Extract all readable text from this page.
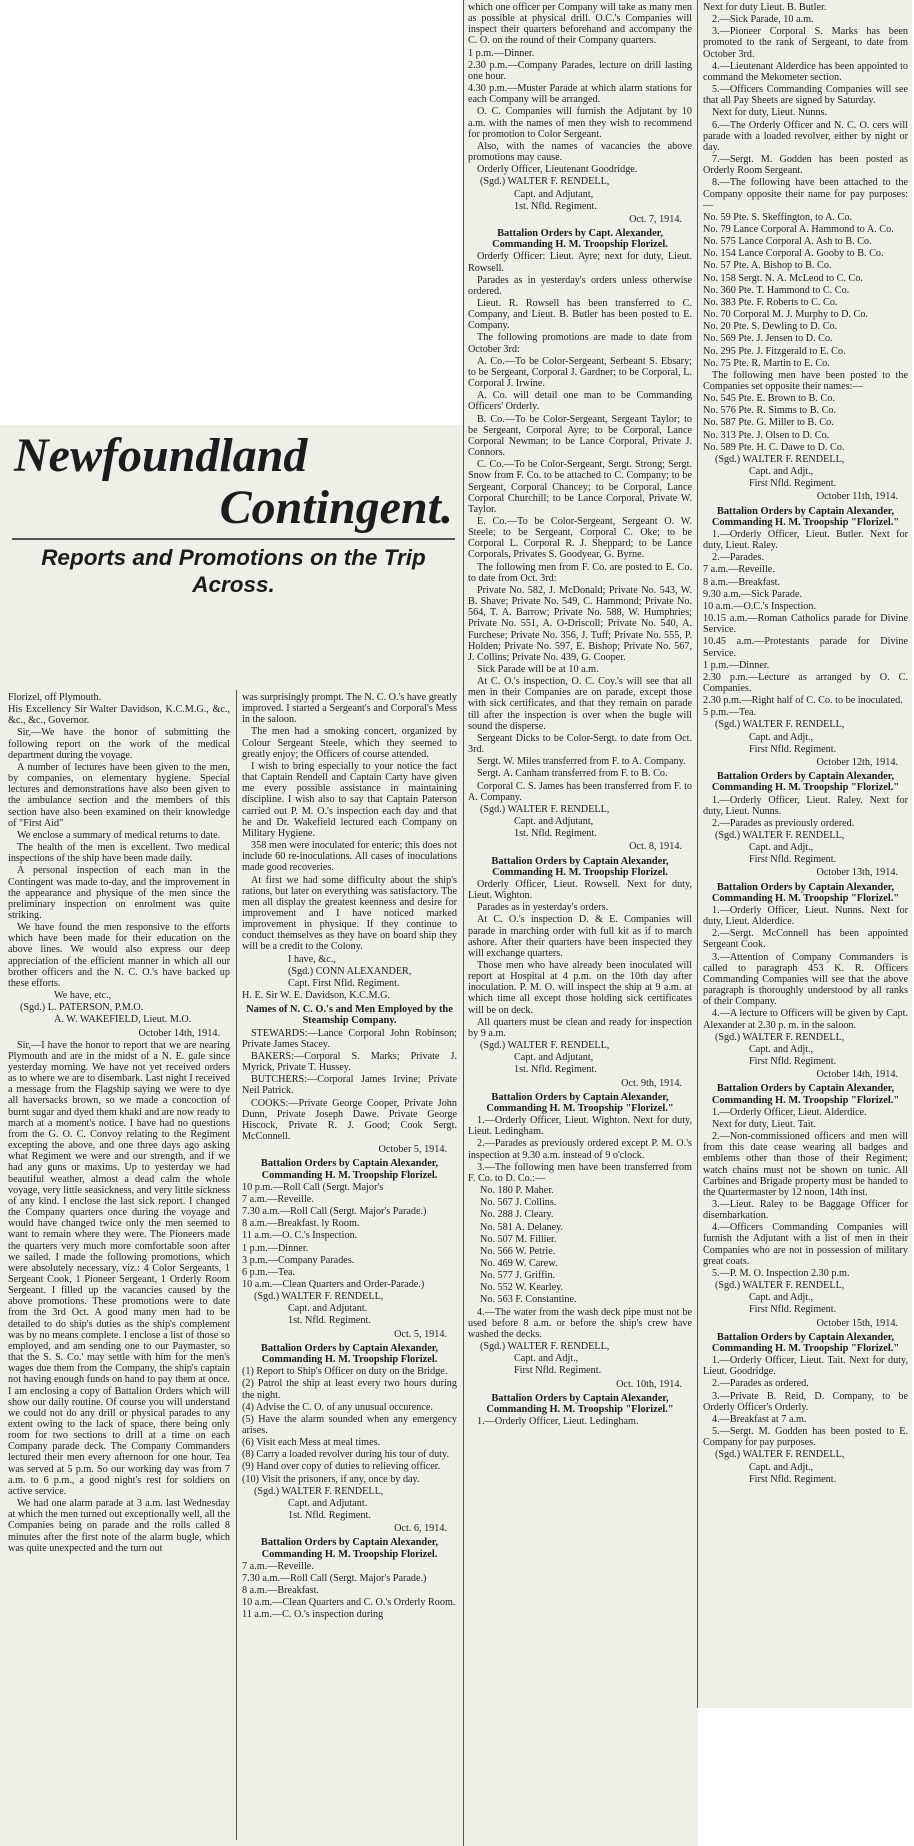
Newfoundland
Contingent.
Reports and Promotions on the Trip Across.

Florizel, off Plymouth.

His Excellency Sir Walter Davidson, K.C.M.G., &c., &c., &c., Governor.

Sir,—We have the honor of submitting the following report on the work of the medical department during the voyage.

A number of lectures have been given to the men, by companies, on elementary hygiene. Special lectures and demonstrations have also been given to the ambulance section and the members of this section have also been examined on their knowledge of "First Aid"

We enclose a summary of medical returns to date.

The health of the men is excellent. Two medical inspections of the ship have been made daily.

A personal inspection of each man in the Contingent was made to-day, and the improvement in the appearance and physique of the men since the preliminary inspection on enrolment was quite striking.

We have found the men responsive to the efforts which have been made for their education on the above lines. We would also express our deep appreciation of the efficient manner in which all our brother officers and the N. C. O.'s have backed up these efforts.

We have, etc.,

(Sgd.) L. PATERSON, P.M.O.

A. W. WAKEFIELD, Lieut. M.O.

October 14th, 1914.

Sir,—I have the honor to report that we are nearing Plymouth and are in the midst of a N. E. gale since yesterday morning. We have not yet received orders as to where we are to disembark. Last night I received a message from the Flagship saying we were to dye all haversacks brown, so we made a concoction of burnt sugar and dyed them khaki and are now ready to march at a moment's notice. I have had no questions from the G. O. C. Convoy relating to the Regiment excepting the above, and one three days ago asking what Regiment we were and our strength, and if we had any guns or maxims. Up to yesterday we had beautiful weather, almost a dead calm the whole voyage, very little seasickness, and very little sickness of any kind. I enclose the last sick report. I changed the Company quarters once during the voyage and would have changed twice only the men seemed to want to remain where they were. The Pioneers made the quarters very much more comfortable soon after we sailed. I made the following promotions, which were absolutely necessary, viz.: 4 Color Sergeants, 1 Sergeant Cook, 1 Pioneer Sergeant, 1 Orderly Room Sergeant. I filled up the vacancies caused by the above promotions. These promotions were to date from the 3rd Oct. A good many men had to be detailed to do ship's duties as the ship's complement was by no means complete. I enclose a list of those so employed, and am sending one to our Paymaster, so that the S. S. Co.' may settle with him for the men's wages due them from the Company, the ship's captain not having enough funds on hand to pay them at once. I am enclosing a copy of Battalion Orders which will show our daily routine. Of course you will understand we could not do any drill or physical parades to any extent owing to the lack of space, there being only room for two sections to drill at a time on each Company parade deck. The Company Commanders lectured their men every afternoon for one hour. Tea was served at 5 p.m. So our working day was from 7 a.m. to 6 p.m., a good night's rest for soldiers on active service.

We had one alarm parade at 3 a.m. last Wednesday at which the men turned out exceptionally well, all the Companies being on parade and the rolls called 8 minutes after the first note of the alarm bugle, which was quite unexpected and the turn out

was surprisingly prompt. The N. C. O.'s have greatly improved. I started a Sergeant's and Corporal's Mess in the saloon.

The men had a smoking concert, organized by Colour Sergeant Steele, which they seemed to greatly enjoy; the Officers of course attended.

I wish to bring especially to your notice the fact that Captain Rendell and Captain Carty have given me every possible assistance in maintaining discipline. I wish also to say that Captain Paterson carried out P. M. O.'s inspection each day and that he and Dr. Wakefield lectured each Company on Military Hygiene.

358 men were inoculated for enteric; this does not include 60 re-inoculations. All cases of inoculations made good recoveries.

At first we had some difficulty about the ship's rations, but later on everything was satisfactory. The men all display the greatest keenness and desire for improvement and I have noticed marked improvement in physique. If they continue to conduct themselves as they have on board ship they will be a credit to the Colony.

I have, &c.,

(Sgd.) CONN ALEXANDER,

Capt. First Nfld. Regiment.

H. E. Sir W. E. Davidson, K.C.M.G.

Names of N. C. O.'s and Men Employed by the Steamship Company.

STEWARDS:—Lance Corporal John Robinson; Private James Stacey.

BAKERS:—Corporal S. Marks; Private J. Myrick, Private T. Hussey.

BUTCHERS:—Corporal James Irvine; Private Neil Patrick.

COOKS:—Private George Cooper, Private John Dunn, Private Joseph Dawe. Private George Hiscock, Private R. J. Good; Cook Sergt. McConnell.

October 5, 1914.

Battalion Orders by Captain Alexander, Commanding H. M. Troopship Florizel.

10 p.m.—Roll Call (Sergt. Major's

7 a.m.—Reveille.

7.30 a.m.—Roll Call (Sergt. Major's Parade.)

8 a.m.—Breakfast. ly Room.

11 a.m.—O. C.'s Inspection.

1 p.m.—Dinner.

3 p.m.—Company Parades.

6 p.m.—Tea.

10 a.m.—Clean Quarters and Order-Parade.)

(Sgd.) WALTER F. RENDELL,

Capt. and Adjutant.

1st. Nfld. Regiment.

Oct. 5, 1914.

Battalion Orders by Captain Alexander, Commanding H. M. Troopship Florizel.

(1) Report to Ship's Officer on duty on the Bridge.

(2) Patrol the ship at least every two hours during the night.

(4) Advise the C. O. of any unusual occurence.

(5) Have the alarm sounded when any emergency arises.

(6) Visit each Mess at meal times.

(8) Carry a loaded revolver during his tour of duty.

(9) Hand over copy of duties to relieving officer.

(10) Visit the prisoners, if any, once by day.

(Sgd.) WALTER F. RENDELL,

Capt. and Adjutant.

1st. Nfld. Regiment.

Oct. 6, 1914.

Battalion Orders by Captain Alexander, Commanding H. M. Troopship Florizel.

7 a.m.—Reveille.

7.30 a.m.—Roll Call (Sergt. Major's Parade.)

8 a.m.—Breakfast.

10 a.m.—Clean Quarters and C. O.'s Orderly Room.

11 a.m.—C. O.'s inspection during

which one officer per Company will take as many men as possible at physical drill. O.C.'s Companies will inspect their quarters beforehand and accompany the C. O. on the round of their Company quarters.

1 p.m.—Dinner.

2.30 p.m.—Company Parades, lecture on drill lasting one hour.

4.30 p.m.—Muster Parade at which alarm stations for each Company will be arranged.

O. C. Companies will furnish the Adjutant by 10 a.m. with the names of men they wish to recommend for promotion to Color Sergeant.

Also, with the names of vacancies the above promotions may cause.

Orderly Officer, Lieutenant Goodridge.

(Sgd.) WALTER F. RENDELL,

Capt. and Adjutant,

1st. Nfld. Regiment.

Oct. 7, 1914.

Battalion Orders by Capt. Alexander, Commanding H. M. Troopship Florizel.

Orderly Officer: Lieut. Ayre; next for duty, Lieut. Rowsell.

Parades as in yesterday's orders unless otherwise ordered.

Lieut. R. Rowsell has been transferred to C. Company, and Lieut. B. Butler has been posted to E. Company.

The following promotions are made to date from October 3rd:

A. Co.—To be Color-Sergeant, Serbeant S. Ebsary; to be Sergeant, Corporal J. Gardner; to be Corporal, L. Corporal J. Irwine.

A. Co. will detail one man to be Commanding Officers' Orderly.

B. Co.—To be Color-Sergeant, Sergeant Taylor; to be Sergeant, Corporal Ayre; to be Corporal, Lance Corporal Newman; to be Lance Corporal, Private J. Connors.

C. Co.—To be Color-Sergeant, Sergt. Strong; Sergt. Snow from F. Co. to be attached to C. Company; to be Sergeant, Corporal Chancey; to be Corporal, Lance Corporal Churchill; to be Lance Corporal, Private W. Taylor.

E. Co.—To be Color-Sergeant, Sergeant O. W. Steele; to be Sergeant, Corporal C. Oke; to be Corporal L. Corporal R. J. Sheppard; to be Lance Corporals, Privates S. Goodyear, G. Byrne.

The following men from F. Co. are posted to E. Co. to date from Oct. 3rd:

Private No. 582, J. McDonald; Private No. 543, W. B. Shave; Private No. 549, C. Hammond; Private No. 564, T. A. Barrow; Private No. 588, W. Humphries; Private No. 551, A. O-Driscoll; Private No. 540, A. Furchese; Private No. 356, J. Tuff; Private No. 555, P. Holden; Private No. 597, E. Bishop; Private No. 567, J. Collins; Private No. 439, G. Cooper.

Sick Parade will be at 10 a.m.

At C. O.'s inspection, O. C. Coy.'s will see that all men in their Companies are on parade, except those with sick certificates, and that they remain on parade till after the inspection is over when the bugle will sound the disperse.

Sergeant Dicks to be Color-Sergt. to date from Oct. 3rd.

Sergt. W. Miles transferred from F. to A. Company.

Sergt. A. Canham transferred from F. to B. Co.

Corporal C. S. James has been transferred from F. to A. Company.

(Sgd.) WALTER F. RENDELL,

Capt. and Adjutant,

1st. Nfld. Regiment.

Oct. 8, 1914.

Battalion Orders by Captain Alexander, Commanding H. M. Troopship Florizel.

Orderly Officer, Lieut. Rowsell. Next for duty, Lieut. Wighton.

Parades as in yesterday's orders.

At C. O.'s inspection D. & E. Companies will parade in marching order with full kit as if to march ashore. After their quarters have been inspected they will exchange quarters.

Those men who have already been inoculated will report at Hospital at 4 p.m. on the 10th day after inoculation. P. M. O. will inspect the ship at 9 a.m. at which time all except those holding sick certificates will be on deck.

All quarters must be clean and ready for inspection by 9 a.m.

(Sgd.) WALTER F. RENDELL,

Capt. and Adjutant,

1st. Nfld. Regiment.

Oct. 9th, 1914.

Battalion Orders by Captain Alexander, Commanding H. M. Troopship "Florizel."

1.—Orderly Officer, Lieut. Wighton. Next for duty, Lieut. Ledingham.

2.—Parades as previously ordered except P. M. O.'s inspection at 9.30 a.m. instead of 9 o'clock.

3.—The following men have been transferred from F. Co. to D. Co.:—

No. 180 P. Maher.

No. 567 J. Collins.

No. 288 J. Cleary.

No. 581 A. Delaney.

No. 507 M. Fillier.

No. 566 W. Petrie.

No. 469 W. Carew.

No. 577 J. Griffin.

No. 552 W. Kearley.

No. 563 F. Constantine.

4.—The water from the wash deck pipe must not be used before 8 a.m. or before the ship's crew have washed the decks.

(Sgd.) WALTER F. RENDELL,

Capt. and Adjt.,

First Nfld. Regiment.

Oct. 10th, 1914.

Battalion Orders by Captain Alexander, Commanding H. M. Troopship "Florizel."

1.—Orderly Officer, Lieut. Ledingham.

Next for duty Lieut. B. Butler.

2.—Sick Parade, 10 a.m.

3.—Pioneer Corporal S. Marks has been promoted to the rank of Sergeant, to date from October 3rd.

4.—Lieutenant Alderdice has been appointed to command the Mekometer section.

5.—Officers Commanding Companies will see that all Pay Sheets are signed by Saturday.

Next for duty, Lieut. Nunns.

6.—The Orderly Officer and N. C. O. cers will parade with a loaded revolver, either by night or day.

7.—Sergt. M. Godden has been posted as Orderly Room Sergeant.

8.—The following have been attached to the Company opposite their name for pay purposes:—

No. 59 Pte. S. Skeffington, to A. Co.

No. 79 Lance Corporal A. Hammond to A. Co.

No. 575 Lance Corporal A. Ash to B. Co.

No. 154 Lance Corporal A. Gooby to B. Co.

No. 57 Pte. A. Bishop to B. Co.

No. 158 Sergt. N. A. McLeod to C. Co.

No. 360 Pte. T. Hammond to C. Co.

No. 383 Pte. F. Roberts to C. Co.

No. 70 Corporal M. J. Murphy to D. Co.

No. 20 Pte. S. Dewling to D. Co.

No. 569 Pte. J. Jensen to D. Co.

No. 295 Pte. J. Fitzgerald to E. Co.

No. 75 Pte. R. Martin to E. Co.

The following men have been posted to the Companies set opposite their names:—

No. 545 Pte. E. Brown to B. Co.

No. 576 Pte. R. Simms to B. Co.

No. 587 Pte. G. Miller to B. Co.

No. 313 Pte. J. Olsen to D. Co.

No. 589 Pte. H. C. Dawe to D. Co.

(Sgd.) WALTER F. RENDELL,

Capt. and Adjt.,

First Nfld. Regiment.

October 11th, 1914.

Battalion Orders by Captain Alexander, Commanding H. M. Troopship "Florizel."

1.—Orderly Officer, Lieut. Butler. Next for duty, Lieut. Raley.

2.—Parades.

7 a.m.—Reveille.

8 a.m.—Breakfast.

9.30 a.m.—Sick Parade.

10 a.m.—O.C.'s Inspection.

10.15 a.m.—Roman Catholics parade for Divine Service.

10.45 a.m.—Protestants parade for Divine Service.

1 p.m.—Dinner.

2.30 p.m.—Lecture as arranged by O. C. Companies.

2.30 p.m.—Right half of C. Co. to be inoculated.

5 p.m.—Tea.

(Sgd.) WALTER F. RENDELL,

Capt. and Adjt.,

First Nfld. Regiment.

October 12th, 1914.

Battalion Orders by Captain Alexander, Commanding H. M. Troopship "Florizel."

1.—Orderly Officer, Lieut. Raley. Next for duty, Lieut. Nunns.

2.—Parades as previously ordered.

(Sgd.) WALTER F. RENDELL,

Capt. and Adjt.,

First Nfld. Regiment.

October 13th, 1914.

Battalion Orders by Captain Alexander, Commanding H. M. Troopship "Florizel."

1.—Orderly Officer, Lieut. Nunns. Next for duty, Lieut. Alderdice.

2.—Sergt. McConnell has been appointed Sergeant Cook.

3.—Attention of Company Commanders is called to paragraph 453 K. R. Officers Commanding Companies will see that the above paragraph is thoroughly understood by all ranks of their Company.

4.—A lecture to Officers will be given by Capt. Alexander at 2.30 p. m. in the saloon.

(Sgd.) WALTER F. RENDELL,

Capt. and Adjt.,

First Nfld. Regiment.

October 14th, 1914.

Battalion Orders by Captain Alexander, Commanding H. M. Troopship "Florizel."

1.—Orderly Officer, Lieut. Alderdice.

Next for duty, Lieut. Tait.

2.—Non-commissioned officers and men will from this date cease wearing all badges and emblems other than those of their Regiment; watch chains must not be shown on tunic. All Carbines and Brigade property must be handed to the Quartermaster by 12 noon, 14th inst.

3.—Lieut. Raley to be Baggage Officer for disembarkation.

4.—Officers Commanding Companies will furnish the Adjutant with a list of men in their Companies who are not in possession of military great coats.

5.—P. M. O. Inspection 2.30 p.m.

(Sgd.) WALTER F. RENDELL,

Capt. and Adjt.,

First Nfld. Regiment.

October 15th, 1914.

Battalion Orders by Captain Alexander, Commanding H. M. Troopship "Florizel."

1.—Orderly Officer, Lieut. Tait. Next for duty, Lieut. Goodridge.

2.—Parades as ordered.

3.—Private B. Reid, D. Company, to be Orderly Officer's Orderly.

4.—Breakfast at 7 a.m.

5.—Sergt. M. Godden has been posted to E. Company for pay purposes.

(Sgd.) WALTER F. RENDELL,

Capt. and Adjt.,

First Nfld. Regiment.
